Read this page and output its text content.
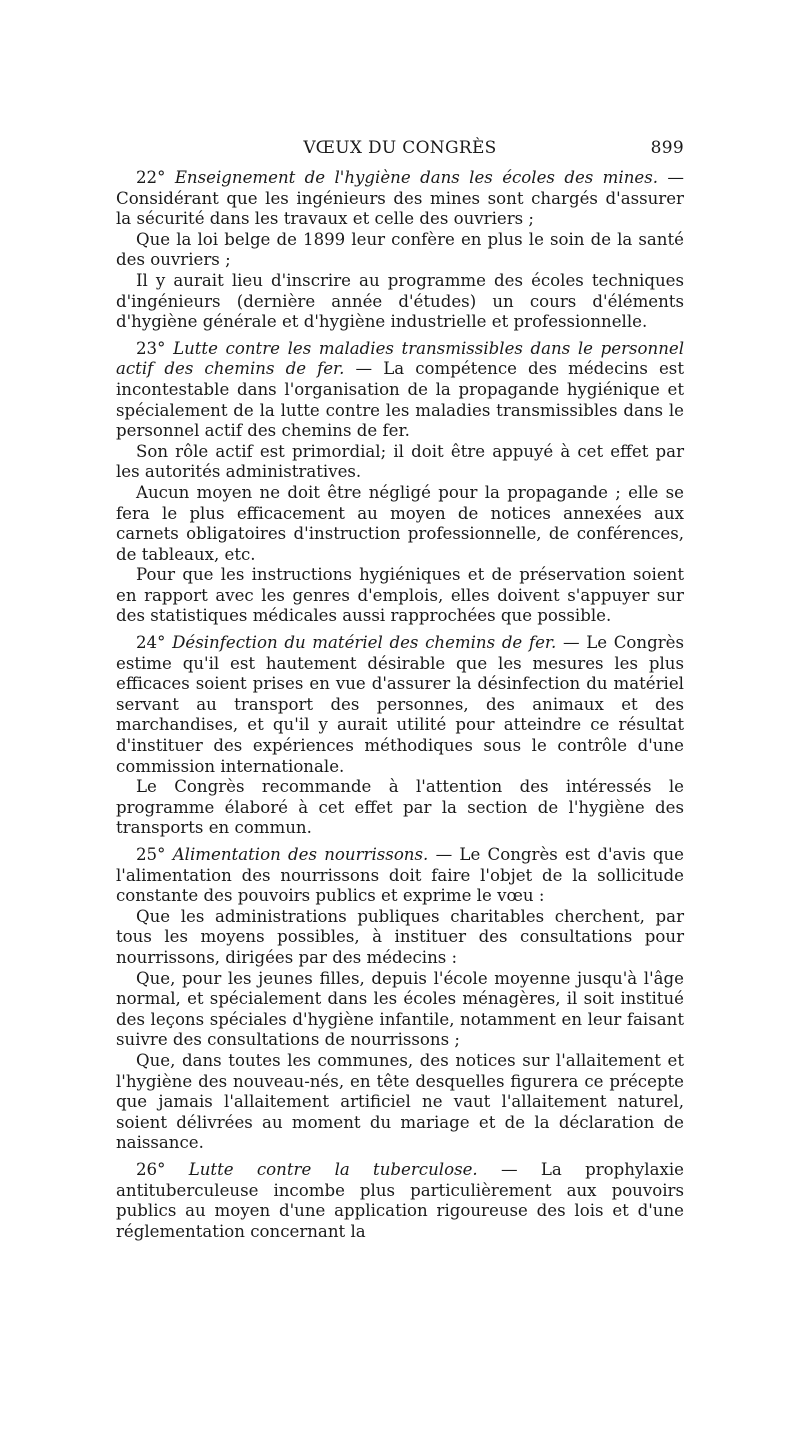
VŒUX DU CONGRÈS	899

22° Enseignement de l'hygiène dans les écoles des mines. — Considérant que les ingénieurs des mines sont chargés d'assurer la sécurité dans les travaux et celle des ouvriers ;

Que la loi belge de 1899 leur confère en plus le soin de la santé des ouvriers ;

Il y aurait lieu d'inscrire au programme des écoles techniques d'ingénieurs (dernière année d'études) un cours d'éléments d'hygiène générale et d'hygiène industrielle et professionnelle.

23° Lutte contre les maladies transmissibles dans le personnel actif des chemins de fer. — La compétence des médecins est incontestable dans l'organisation de la propagande hygiénique et spécialement de la lutte contre les maladies transmissibles dans le personnel actif des chemins de fer.

Son rôle actif est primordial; il doit être appuyé à cet effet par les autorités administratives.

Aucun moyen ne doit être négligé pour la propagande ; elle se fera le plus efficacement au moyen de notices annexées aux carnets obligatoires d'instruction professionnelle, de conférences, de tableaux, etc.

Pour que les instructions hygiéniques et de préservation soient en rapport avec les genres d'emplois, elles doivent s'appuyer sur des statistiques médicales aussi rapprochées que possible.

24° Désinfection du matériel des chemins de fer. — Le Congrès estime qu'il est hautement désirable que les mesures les plus efficaces soient prises en vue d'assurer la désinfection du matériel servant au transport des personnes, des animaux et des marchandises, et qu'il y aurait utilité pour atteindre ce résultat d'instituer des expériences méthodiques sous le contrôle d'une commission internationale.

Le Congrès recommande à l'attention des intéressés le programme élaboré à cet effet par la section de l'hygiène des transports en commun.

25° Alimentation des nourrissons. — Le Congrès est d'avis que l'alimentation des nourrissons doit faire l'objet de la sollicitude constante des pouvoirs publics et exprime le vœu :

Que les administrations publiques charitables cherchent, par tous les moyens possibles, à instituer des consultations pour nourrissons, dirigées par des médecins :

Que, pour les jeunes filles, depuis l'école moyenne jusqu'à l'âge normal, et spécialement dans les écoles ménagères, il soit institué des leçons spéciales d'hygiène infantile, notamment en leur faisant suivre des consultations de nourrissons ;

Que, dans toutes les communes, des notices sur l'allaitement et l'hygiène des nouveau-nés, en tête desquelles figurera ce précepte que jamais l'allaitement artificiel ne vaut l'allaitement naturel, soient délivrées au moment du mariage et de la déclaration de naissance.

26° Lutte contre la tuberculose. — La prophylaxie antituberculeuse incombe plus particulièrement aux pouvoirs publics au moyen d'une application rigoureuse des lois et d'une réglementation concernant la
